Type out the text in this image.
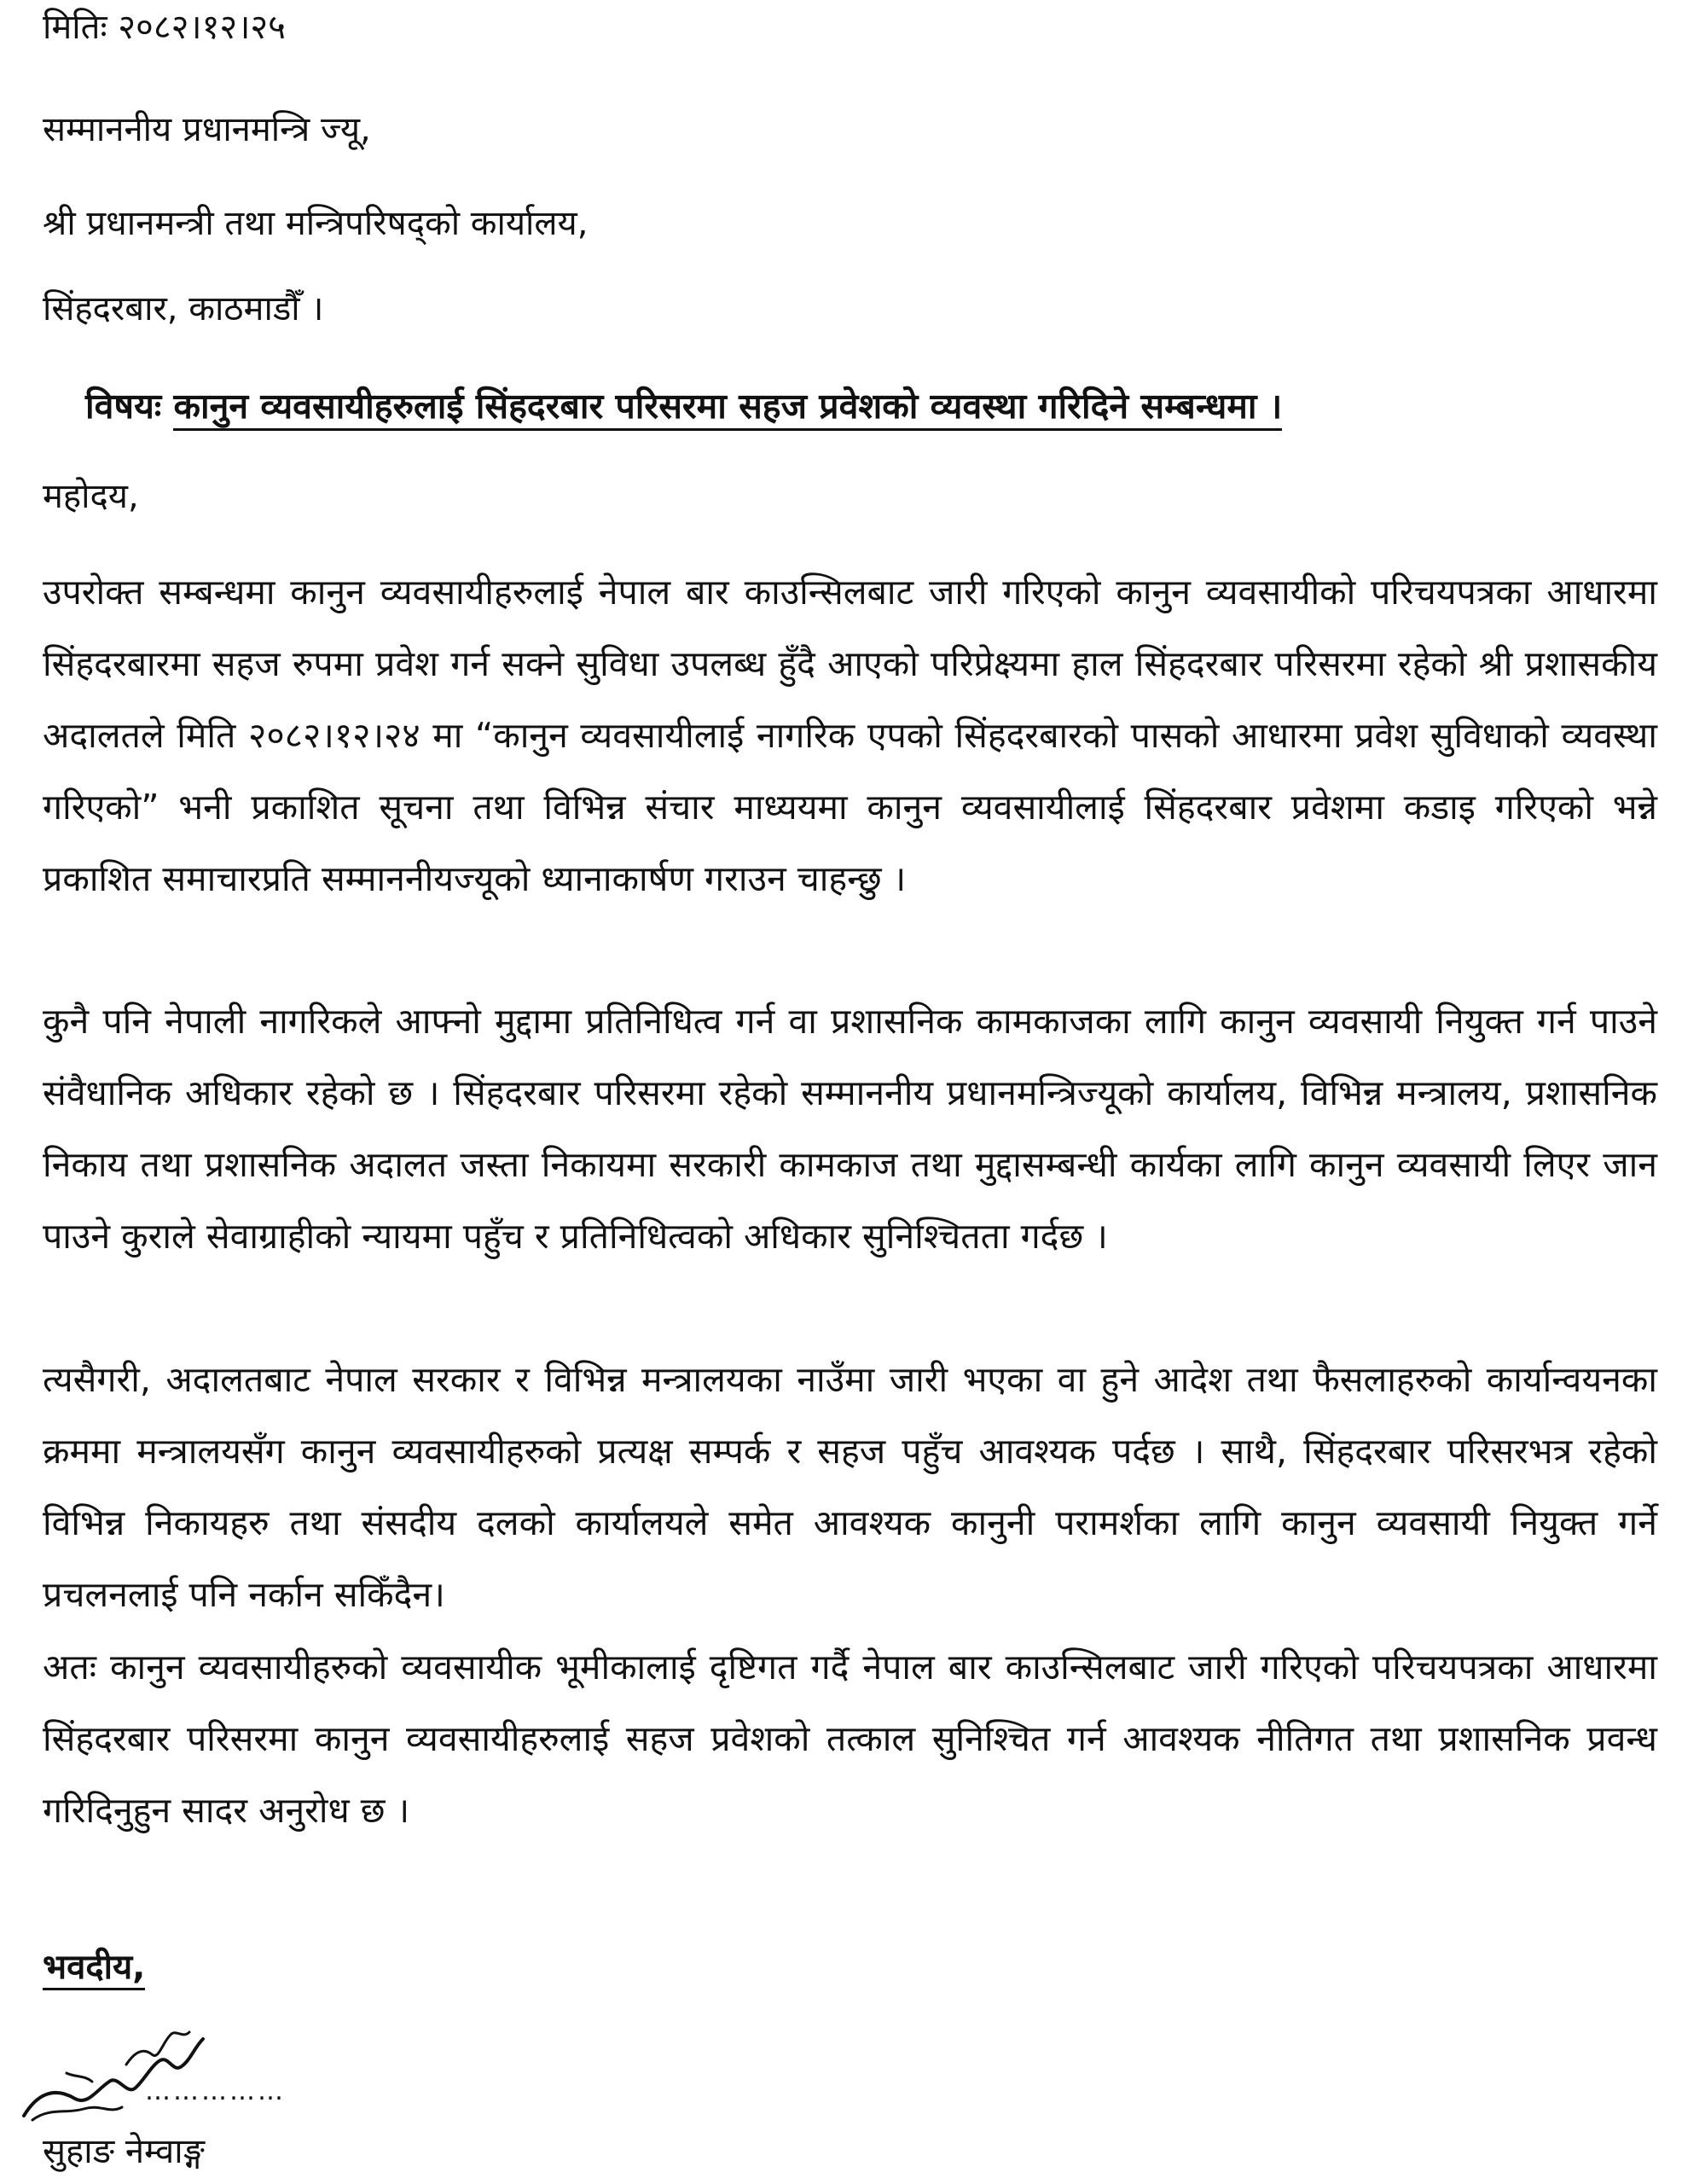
मितिः २०८२।१२।२५
सम्माननीय प्रधानमन्त्रि ज्यू,
श्री प्रधानमन्त्री तथा मन्त्रिपरिषद्को कार्यालय,
सिंहदरबार, काठमाडौँ ।
विषयः कानुन व्यवसायीहरुलाई सिंहदरबार परिसरमा सहज प्रवेशको व्यवस्था गरिदिने सम्बन्धमा ।
महोदय,
उपरोक्त सम्बन्धमा कानुन व्यवसायीहरुलाई नेपाल बार काउन्सिलबाट जारी गरिएको कानुन व्यवसायीको परिचयपत्रका आधारमा सिंहदरबारमा सहज रुपमा प्रवेश गर्न सक्ने सुविधा उपलब्ध हुँदै आएको परिप्रेक्ष्यमा हाल सिंहदरबार परिसरमा रहेको श्री प्रशासकीय अदालतले मिति २०८२।१२।२४ मा “कानुन व्यवसायीलाई नागरिक एपको सिंहदरबारको पासको आधारमा प्रवेश सुविधाको व्यवस्था गरिएको” भनी प्रकाशित सूचना तथा विभिन्न संचार माध्ययमा कानुन व्यवसायीलाई सिंहदरबार प्रवेशमा कडाइ गरिएको भन्ने प्रकाशित समाचारप्रति सम्माननीयज्यूको ध्यानाकार्षण गराउन चाहन्छु ।
कुनै पनि नेपाली नागरिकले आफ्नो मुद्दामा प्रतिनिधित्व गर्न वा प्रशासनिक कामकाजका लागि कानुन व्यवसायी नियुक्त गर्न पाउने संवैधानिक अधिकार रहेको छ । सिंहदरबार परिसरमा रहेको सम्माननीय प्रधानमन्त्रिज्यूको कार्यालय, विभिन्न मन्त्रालय, प्रशासनिक निकाय तथा प्रशासनिक अदालत जस्ता निकायमा सरकारी कामकाज तथा मुद्दासम्बन्धी कार्यका लागि कानुन व्यवसायी लिएर जान पाउने कुराले सेवाग्राहीको न्यायमा पहुँच र प्रतिनिधित्वको अधिकार सुनिश्चितता गर्दछ ।
त्यसैगरी, अदालतबाट नेपाल सरकार र विभिन्न मन्त्रालयका नाउँमा जारी भएका वा हुने आदेश तथा फैसलाहरुको कार्यान्वयनका क्रममा मन्त्रालयसँग कानुन व्यवसायीहरुको प्रत्यक्ष सम्पर्क र सहज पहुँच आवश्यक पर्दछ । साथै, सिंहदरबार परिसरभत्र रहेको विभिन्न निकायहरु तथा संसदीय दलको कार्यालयले समेत आवश्यक कानुनी परामर्शका लागि कानुन व्यवसायी नियुक्त गर्ने प्रचलनलाई पनि नर्कान सकिँदैन।
अतः कानुन व्यवसायीहरुको व्यवसायीक भूमीकालाई दृष्टिगत गर्दै नेपाल बार काउन्सिलबाट जारी गरिएको परिचयपत्रका आधारमा सिंहदरबार परिसरमा कानुन व्यवसायीहरुलाई सहज प्रवेशको तत्काल सुनिश्चित गर्न आवश्यक नीतिगत तथा प्रशासनिक प्रवन्ध गरिदिनुहुन सादर अनुरोध छ ।
भवदीय,
……………
सुहाङ नेम्वाङ्ग
